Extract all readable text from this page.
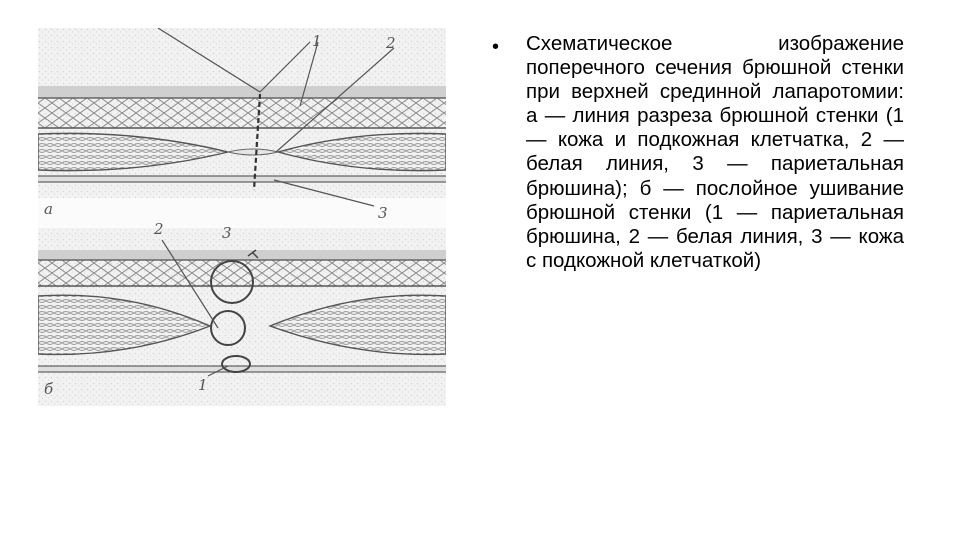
1	2
3
а
2	3
1
б
• Схематическое изображение поперечного сечения брюшной стенки при верхней срединной лапаротомии: а — линия разреза брюшной стенки (1 — кожа и подкожная клетчатка, 2 — белая линия, 3 — париетальная брюшина); б — послойное ушивание брюшной стенки (1 — париетальная брюшина, 2 — белая линия, 3 — кожа с подкожной клетчаткой)
